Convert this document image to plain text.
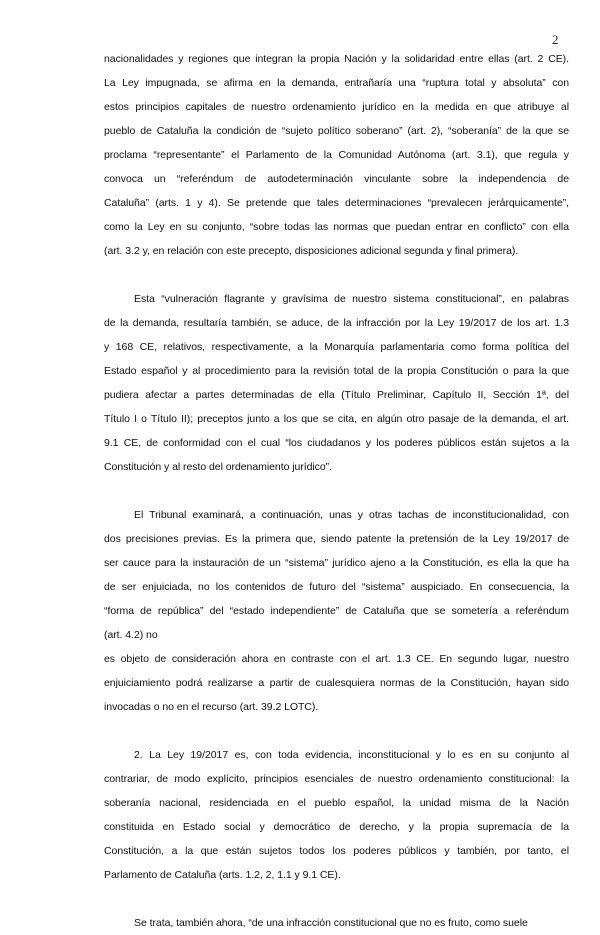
2
nacionalidades y regiones que integran la propia Nación y la solidaridad entre ellas (art. 2 CE).
La Ley impugnada, se afirma en la demanda, entrañaría una “ruptura total y absoluta” con
estos principios capitales de nuestro ordenamiento jurídico en la medida en que atribuye al
pueblo de Cataluña la condición de “sujeto político soberano” (art. 2), “soberanía” de la que se
proclama “representante” el Parlamento de la Comunidad Autónoma (art. 3.1), que regula y
convoca un “referéndum de autodeterminación vinculante sobre la independencia de
Cataluña” (arts. 1 y 4). Se pretende que tales determinaciones “prevalecen jerárquicamente”,
como la Ley en su conjunto, “sobre todas las normas que puedan entrar en conflicto” con ella
(art. 3.2 y, en relación con este precepto, disposiciones adicional segunda y final primera).
Esta “vulneración flagrante y gravísima de nuestro sistema constitucional”, en palabras
de la demanda, resultaría también, se aduce, de la infracción por la Ley 19/2017 de los art. 1.3
y 168 CE, relativos, respectivamente, a la Monarquía parlamentaria como forma política del
Estado español y al procedimiento para la revisión total de la propia Constitución o para la que
pudiera afectar a partes determinadas de ella (Título Preliminar, Capítulo II, Sección 1ª, del
Título I o Título II); preceptos junto a los que se cita, en algún otro pasaje de la demanda, el art.
9.1 CE, de conformidad con el cual “los ciudadanos y los poderes públicos están sujetos a la
Constitución y al resto del ordenamiento jurídico”.
El Tribunal examinará, a continuación, unas y otras tachas de inconstitucionalidad, con
dos precisiones previas. Es la primera que, siendo patente la pretensión de la Ley 19/2017 de
ser cauce para la instauración de un “sistema” jurídico ajeno a la Constitución, es ella la que ha
de ser enjuiciada, no los contenidos de futuro del “sistema” auspiciado. En consecuencia, la
“forma de república” del “estado independiente” de Cataluña que se sometería a referéndum
(art. 4.2) no
es objeto de consideración ahora en contraste con el art. 1.3 CE. En segundo lugar, nuestro
enjuiciamiento podrá realizarse a partir de cualesquiera normas de la Constitución, hayan sido
invocadas o no en el recurso (art. 39.2 LOTC).
2. La Ley 19/2017 es, con toda evidencia, inconstitucional y lo es en su conjunto al
contrariar, de modo explícito, principios esenciales de nuestro ordenamiento constitucional: la
soberanía nacional, residenciada en el pueblo español, la unidad misma de la Nación
constituida en Estado social y democrático de derecho, y la propia supremacía de la
Constitución, a la que están sujetos todos los poderes públicos y también, por tanto, el
Parlamento de Cataluña (arts. 1.2, 2, 1.1 y 9.1 CE).
Se trata, también ahora, “de una infracción constitucional que no es fruto, como suele
